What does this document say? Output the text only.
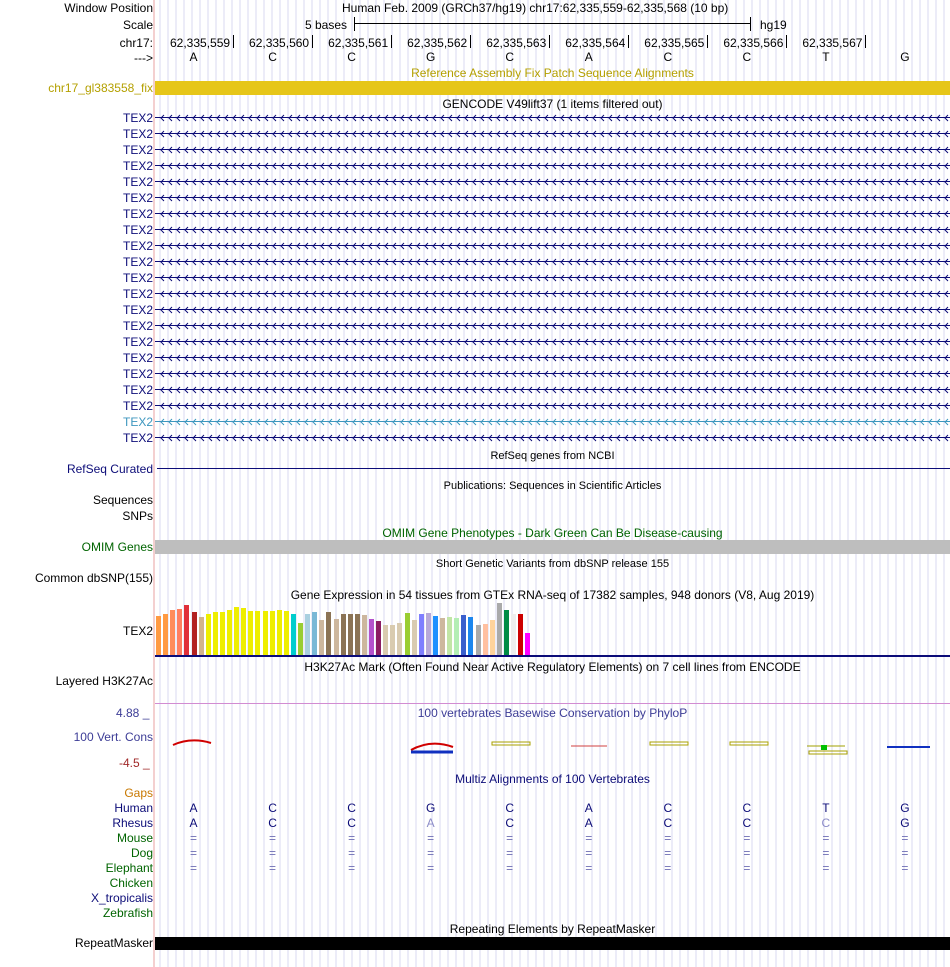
Window Position	Human Feb. 2009 (GRCh37/hg19) chr17:62,335,559-62,335,568 (10 bp)
Scale	5 bases	hg19
chr17:	62,335,559	62,335,560	62,335,561	62,335,562	62,335,563	62,335,564	62,335,565	62,335,566	62,335,567
--->	A	C	C	G	C	A	C	C	T	G
Reference Assembly Fix Patch Sequence Alignments
chr17_gl383558_fix
GENCODE V49lift37 (1 items filtered out)
TEX2
TEX2
TEX2
TEX2
TEX2
TEX2
TEX2
TEX2
TEX2
TEX2
TEX2
TEX2
TEX2
TEX2
TEX2
TEX2
TEX2
TEX2
TEX2
TEX2
TEX2
RefSeq genes from NCBI
RefSeq Curated
Publications: Sequences in Scientific Articles
Sequences
SNPs
OMIM Gene Phenotypes - Dark Green Can Be Disease-causing
OMIM Genes
Short Genetic Variants from dbSNP release 155
Common dbSNP(155)
Gene Expression in 54 tissues from GTEx RNA-seq of 17382 samples, 948 donors (V8, Aug 2019)
TEX2
H3K27Ac Mark (Often Found Near Active Regulatory Elements) on 7 cell lines from ENCODE
Layered H3K27Ac
100 vertebrates Basewise Conservation by PhyloP
4.88 _
100 Vert. Cons
-4.5 _
Multiz Alignments of 100 Vertebrates
Gaps
Human	A	C	C	G	C	A	C	C	T	G
Rhesus	A	C	C	A	C	A	C	C	C	G
Mouse	=	=	=	=	=	=	=	=	=	=
Dog	=	=	=	=	=	=	=	=	=	=
Elephant	=	=	=	=	=	=	=	=	=	=
Chicken
X_tropicalis
Zebrafish
Repeating Elements by RepeatMasker
RepeatMasker
